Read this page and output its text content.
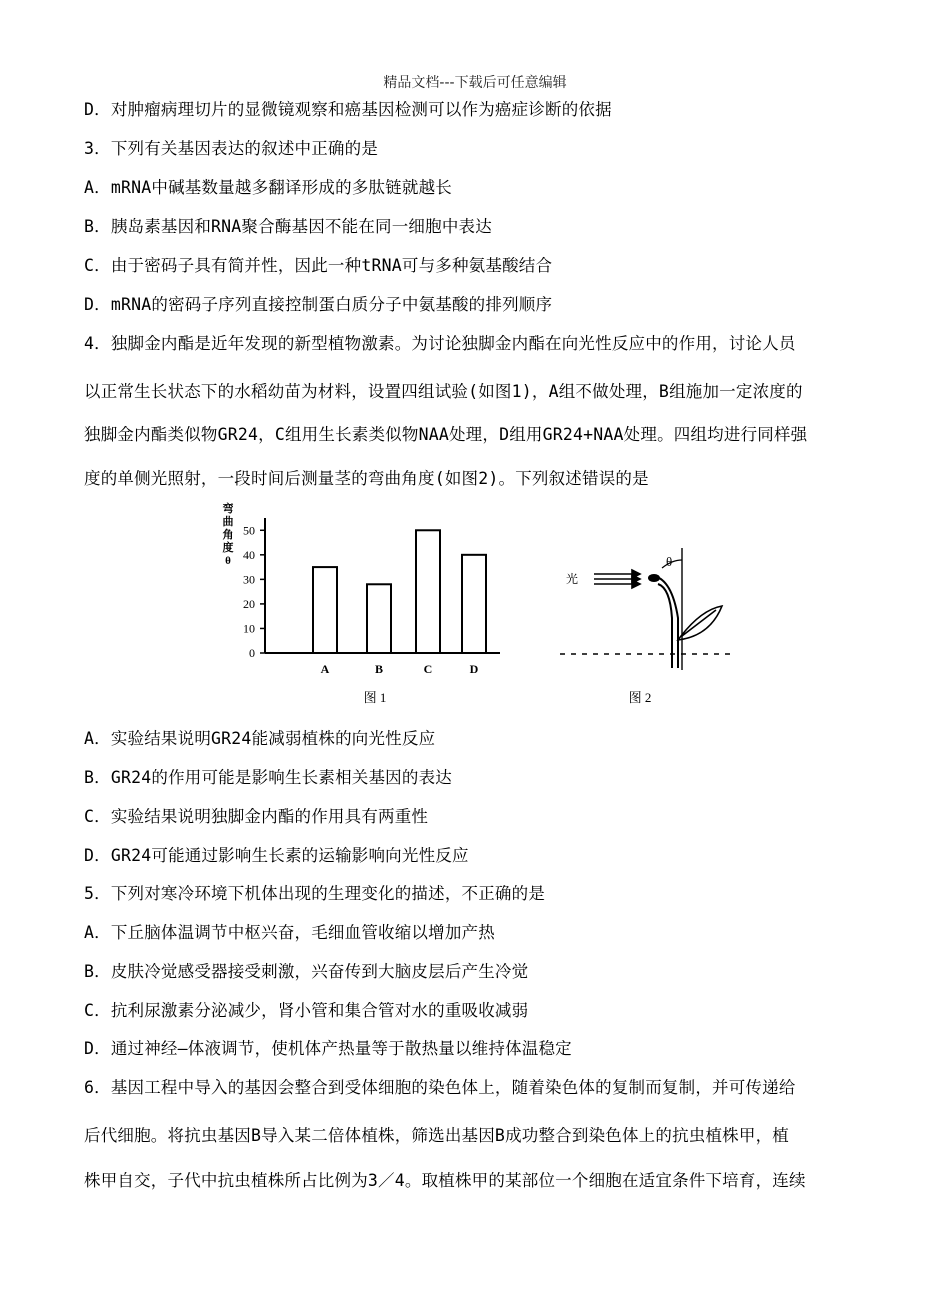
精品文档---下载后可任意编辑
D．对肿瘤病理切片的显微镜观察和癌基因检测可以作为癌症诊断的依据
3．下列有关基因表达的叙述中正确的是
A．mRNA中碱基数量越多翻译形成的多肽链就越长
B．胰岛素基因和RNA聚合酶基因不能在同一细胞中表达
C．由于密码子具有简并性，因此一种tRNA可与多种氨基酸结合
D．mRNA的密码子序列直接控制蛋白质分子中氨基酸的排列顺序
4．独脚金内酯是近年发现的新型植物激素。为讨论独脚金内酯在向光性反应中的作用，讨论人员
以正常生长状态下的水稻幼苗为材料，设置四组试验(如图1)，A组不做处理，B组施加一定浓度的
独脚金内酯类似物GR24，C组用生长素类似物NAA处理，D组用GR24+NAA处理。四组均进行同样强
度的单侧光照射，一段时间后测量茎的弯曲角度(如图2)。下列叙述错误的是
A．实验结果说明GR24能减弱植株的向光性反应
B．GR24的作用可能是影响生长素相关基因的表达
C．实验结果说明独脚金内酯的作用具有两重性
D．GR24可能通过影响生长素的运输影响向光性反应
5．下列对寒冷环境下机体出现的生理变化的描述，不正确的是
A．下丘脑体温调节中枢兴奋，毛细血管收缩以增加产热
B．皮肤冷觉感受器接受刺激，兴奋传到大脑皮层后产生冷觉
C．抗利尿激素分泌减少，肾小管和集合管对水的重吸收减弱
D．通过神经—体液调节，使机体产热量等于散热量以维持体温稳定
6．基因工程中导入的基因会整合到受体细胞的染色体上，随着染色体的复制而复制，并可传递给
后代细胞。将抗虫基因B导入某二倍体植株，筛选出基因B成功整合到染色体上的抗虫植株甲，植
株甲自交，子代中抗虫植株所占比例为3／4。取植株甲的某部位一个细胞在适宜条件下培育，连续
弯
曲
角
度
θ
0
10
20
30
40
50
A	B	C	D
图 1
光
θ
图 2
